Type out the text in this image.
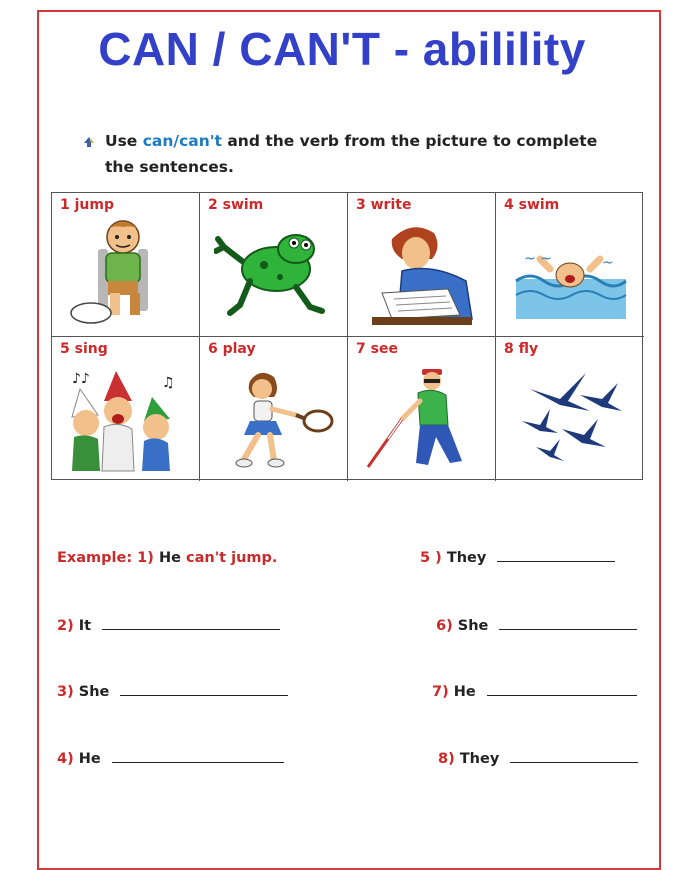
CAN / CAN'T - abilility
Use can/can't and the verb from the picture to complete
the sentences.
1 jump	2 swim	3 write	4 swim
~ ~	~
5 sing
♪♪	♫
6 play	7 see	8 fly
Example: 1) He can't jump.
2) It
3) She
4) He
5 ) They
6) She
7) He
8) They
